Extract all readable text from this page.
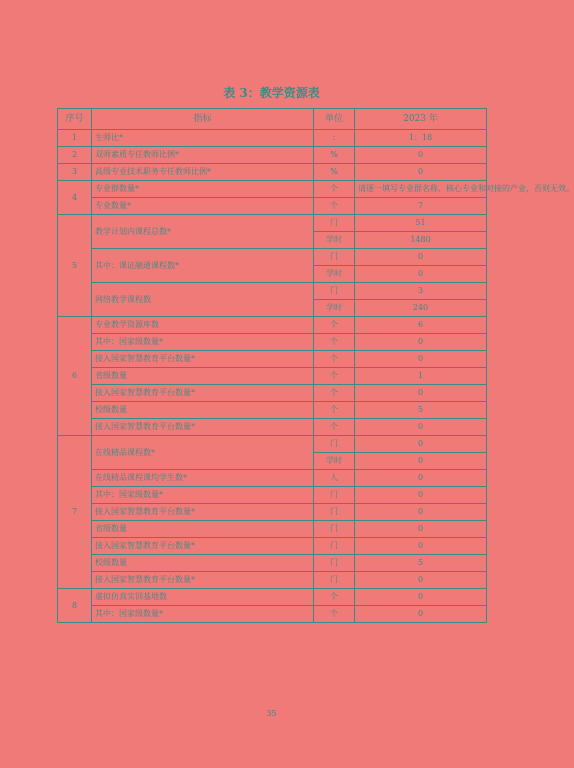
表 3：教学资源表
序号	指标	单位	2023 年
1	生师比*	:	1：18
2	双师素质专任教师比例*	%	0
3	高级专业技术职务专任教师比例*	%	0
4	专业群数量*	个	请逐一填写专业群名称、核心专业和对接的产业，否则无效。
	专业数量*	个	7
5	教学计划内课程总数*	门	51
		学时	1480
	其中：课证融通课程数*	门	0
		学时	0
	网络教学课程数	门	3
		学时	240
6	专业教学资源库数	个	6
	其中：国家级数量*	个	0
	接入国家智慧教育平台数量*	个	0
	省级数量	个	1
	接入国家智慧教育平台数量*	个	0
	校级数量	个	5
	接入国家智慧教育平台数量*	个	0
7	在线精品课程数*	门	0
		学时	0
	在线精品课程课均学生数*	人	0
	其中：国家级数量*	门	0
	接入国家智慧教育平台数量*	门	0
	省级数量	门	0
	接入国家智慧教育平台数量*	门	0
	校级数量	门	5
	接入国家智慧教育平台数量*	门	0
8	虚拟仿真实训基地数	个	0
	其中：国家级数量*	个	0
35
